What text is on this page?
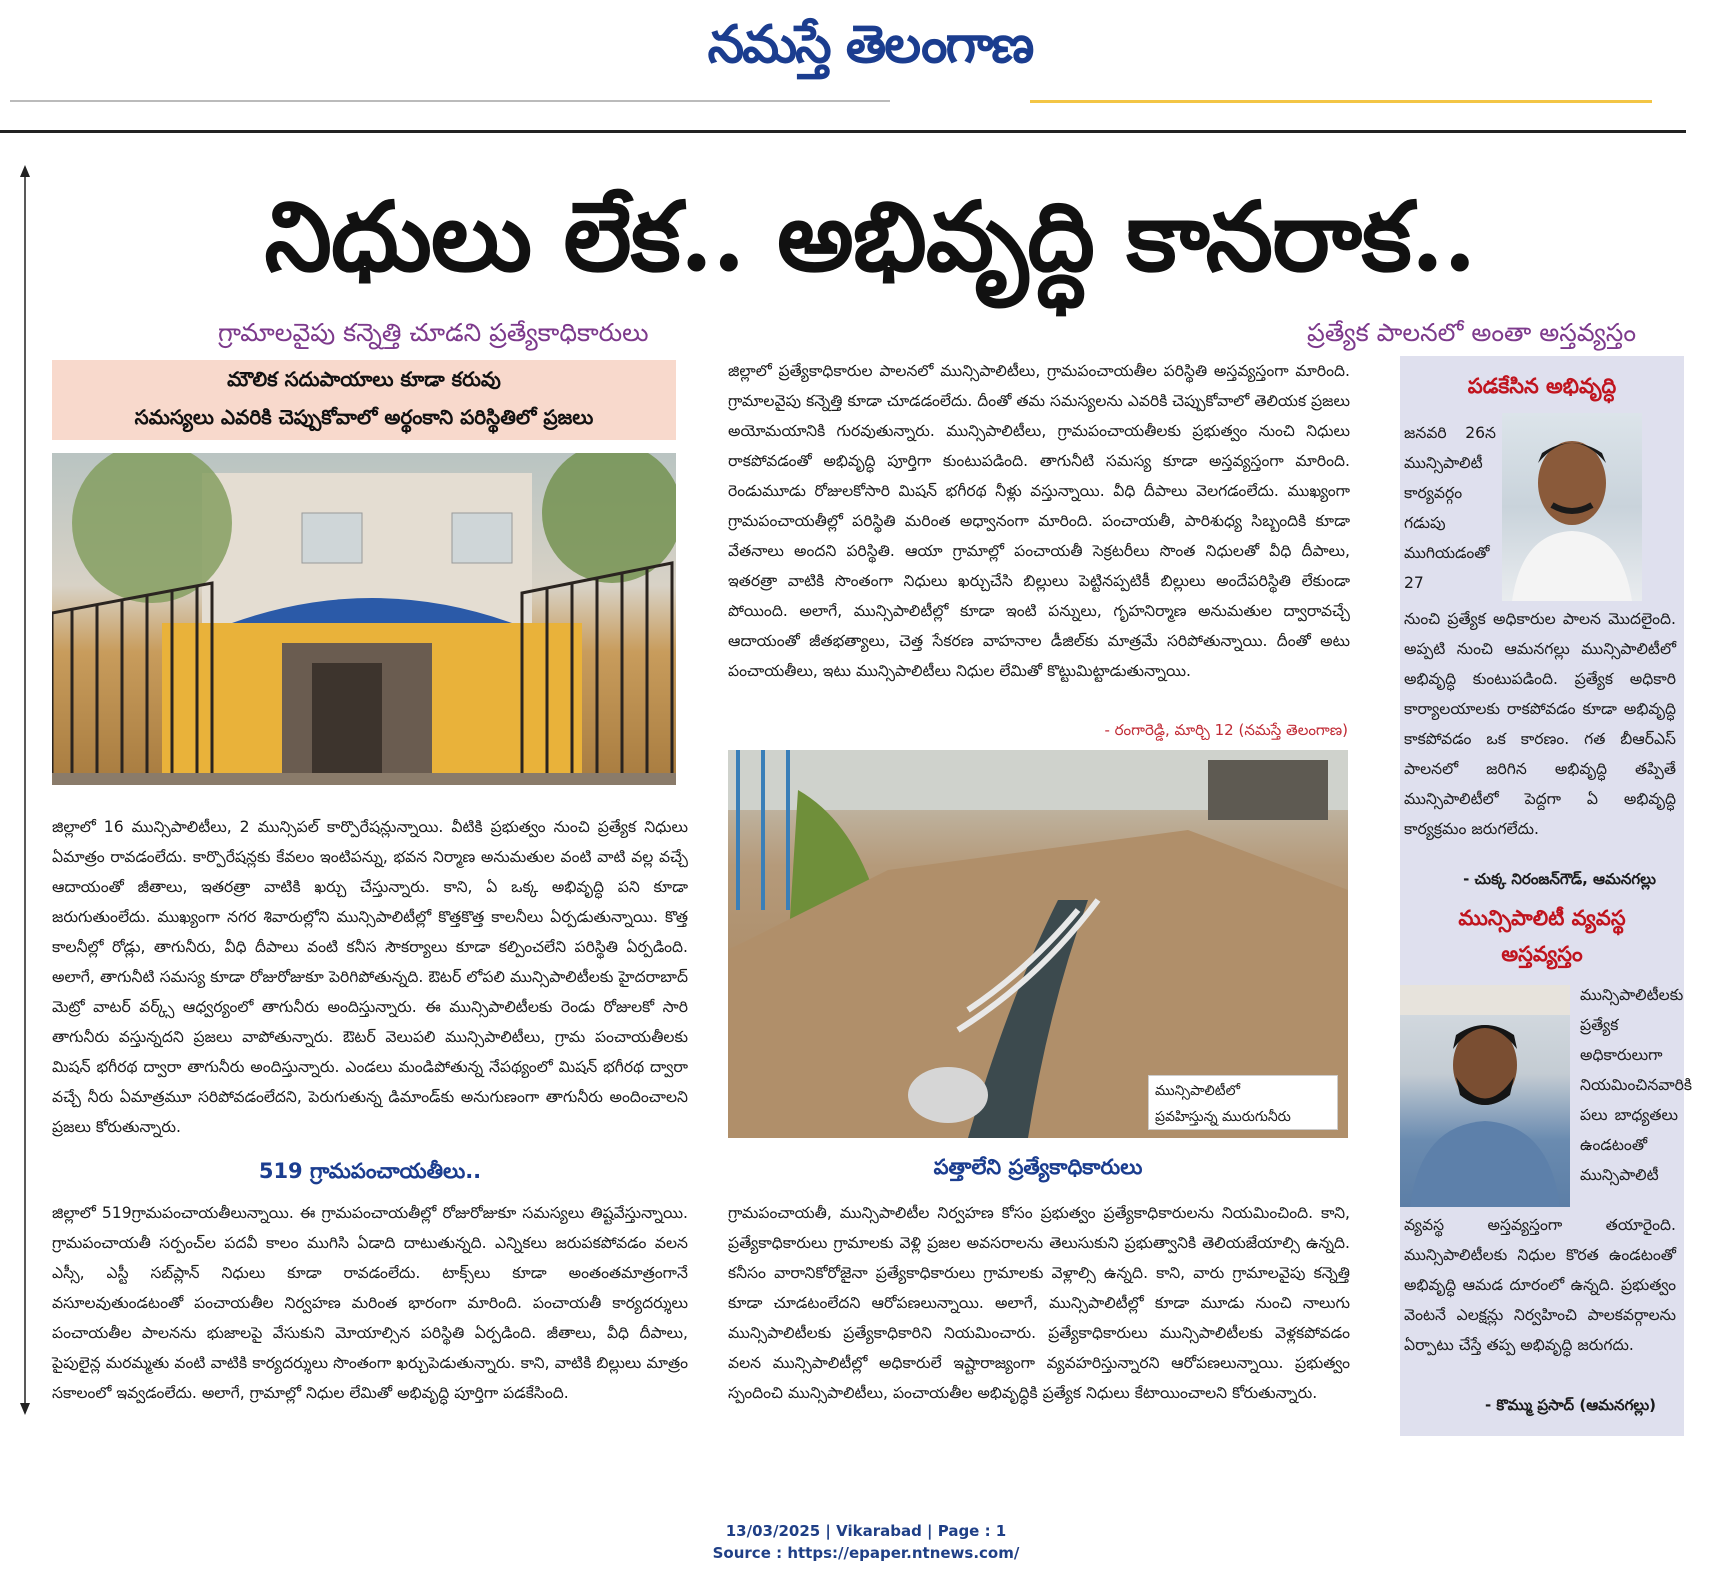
నమస్తే తెలంగాణ
నిధులు లేక.. అభివృద్ధి కానరాక..
గ్రామాలవైపు కన్నెత్తి చూడని ప్రత్యేకాధికారులు	ప్రత్యేక పాలనలో అంతా అస్తవ్యస్తం
మౌలిక సదుపాయాలు కూడా కరువు
సమస్యలు ఎవరికి చెప్పుకోవాలో అర్థంకాని పరిస్థితిలో ప్రజలు
జిల్లాలో 16 మున్సిపాలిటీలు, 2 మున్సిపల్ కార్పొరేషన్లున్నాయి. వీటికి ప్రభుత్వం నుంచి ప్రత్యేక నిధులు ఏమాత్రం రావడంలేదు. కార్పొరేషన్లకు కేవలం ఇంటిపన్ను, భవన నిర్మాణ అనుమతుల వంటి వాటి వల్ల వచ్చే ఆదాయంతో జీతాలు, ఇతరత్రా వాటికి ఖర్చు చేస్తున్నారు. కాని, ఏ ఒక్క అభివృద్ధి పని కూడా జరుగుతుంలేదు. ముఖ్యంగా నగర శివారుల్లోని మున్సిపాలిటీల్లో కొత్తకొత్త కాలనీలు ఏర్పడుతున్నాయి. కొత్త కాలనీల్లో రోడ్లు, తాగునీరు, వీధి దీపాలు వంటి కనీస సౌకర్యాలు కూడా కల్పించలేని పరిస్థితి ఏర్పడింది. అలాగే, తాగునీటి సమస్య కూడా రోజురోజుకూ పెరిగిపోతున్నది. ఔటర్ లోపలి మున్సిపాలిటీలకు హైదరాబాద్ మెట్రో వాటర్ వర్క్స్ ఆధ్వర్యంలో తాగునీరు అందిస్తున్నారు. ఈ మున్సిపాలిటీలకు రెండు రోజులకో సారి తాగునీరు వస్తున్నదని ప్రజలు వాపోతున్నారు. ఔటర్ వెలుపలి మున్సిపాలిటీలు, గ్రామ పంచాయతీలకు మిషన్ భగీరథ ద్వారా తాగునీరు అందిస్తున్నారు. ఎండలు మండిపోతున్న నేపథ్యంలో మిషన్ భగీరథ ద్వారా వచ్చే నీరు ఏమాత్రమూ సరిపోవడంలేదని, పెరుగుతున్న డిమాండ్‌కు అనుగుణంగా తాగునీరు అందించాలని ప్రజలు కోరుతున్నారు.
519 గ్రామపంచాయతీలు..
జిల్లాలో 519గ్రామపంచాయతీలున్నాయి. ఈ గ్రామపంచాయతీల్లో రోజురోజుకూ సమస్యలు తిష్టవేస్తున్నాయి. గ్రామపంచాయతీ సర్పంచ్‌ల పదవీ కాలం ముగిసి ఏడాది దాటుతున్నది. ఎన్నికలు జరుపకపోవడం వలన ఎస్సీ, ఎస్టీ సబ్‌ప్లాన్ నిధులు కూడా రావడంలేదు. టాక్స్‌లు కూడా అంతంతమాత్రంగానే వసూలవుతుండటంతో పంచాయతీల నిర్వహణ మరింత భారంగా మారింది. పంచాయతీ కార్యదర్శులు పంచాయతీల పాలనను భుజాలపై వేసుకుని మోయాల్సిన పరిస్థితి ఏర్పడింది. జీతాలు, వీధి దీపాలు, పైపులైన్ల మరమ్మతు వంటి వాటికి కార్యదర్శులు సొంతంగా ఖర్చుపెడుతున్నారు. కాని, వాటికి బిల్లులు మాత్రం సకాలంలో ఇవ్వడంలేదు. అలాగే, గ్రామాల్లో నిధుల లేమితో అభివృద్ధి పూర్తిగా పడకేసింది.
జిల్లాలో ప్రత్యేకాధికారుల పాలనలో మున్సిపాలిటీలు, గ్రామపంచాయతీల పరిస్థితి అస్తవ్యస్తంగా మారింది. గ్రామాలవైపు కన్నెత్తి కూడా చూడడంలేదు. దీంతో తమ సమస్యలను ఎవరికి చెప్పుకోవాలో తెలియక ప్రజలు అయోమయానికి గురవుతున్నారు. మున్సిపాలిటీలు, గ్రామపంచాయతీలకు ప్రభుత్వం నుంచి నిధులు రాకపోవడంతో అభివృద్ధి పూర్తిగా కుంటుపడింది. తాగునీటి సమస్య కూడా అస్తవ్యస్తంగా మారింది. రెండుమూడు రోజులకోసారి మిషన్ భగీరథ నీళ్లు వస్తున్నాయి. వీధి దీపాలు వెలగడంలేదు. ముఖ్యంగా గ్రామపంచాయతీల్లో పరిస్థితి మరింత అధ్వానంగా మారింది. పంచాయతీ, పారిశుధ్య సిబ్బందికి కూడా వేతనాలు అందని పరిస్థితి. ఆయా గ్రామాల్లో పంచాయతీ సెక్రటరీలు సొంత నిధులతో వీధి దీపాలు, ఇతరత్రా వాటికి సొంతంగా నిధులు ఖర్చుచేసి బిల్లులు పెట్టినప్పటికీ బిల్లులు అందేపరిస్థితి లేకుండా పోయింది. అలాగే, మున్సిపాలిటీల్లో కూడా ఇంటి పన్నులు, గృహనిర్మాణ అనుమతుల ద్వారావచ్చే ఆదాయంతో జీతభత్యాలు, చెత్త సేకరణ వాహనాల డీజిల్‌కు మాత్రమే సరిపోతున్నాయి. దీంతో అటు పంచాయతీలు, ఇటు మున్సిపాలిటీలు నిధుల లేమితో కొట్టుమిట్టాడుతున్నాయి.
- రంగారెడ్డి, మార్చి 12 (నమస్తే తెలంగాణ)
మున్సిపాలిటీలో
ప్రవహిస్తున్న మురుగునీరు
పత్తాలేని ప్రత్యేకాధికారులు
గ్రామపంచాయతీ, మున్సిపాలిటీల నిర్వహణ కోసం ప్రభుత్వం ప్రత్యేకాధికారులను నియమించింది. కాని, ప్రత్యేకాధికారులు గ్రామాలకు వెళ్లి ప్రజల అవసరాలను తెలుసుకుని ప్రభుత్వానికి తెలియజేయాల్సి ఉన్నది. కనీసం వారానికోరోజైనా ప్రత్యేకాధికారులు గ్రామాలకు వెళ్లాల్సి ఉన్నది. కాని, వారు గ్రామాలవైపు కన్నెత్తి కూడా చూడటంలేదని ఆరోపణలున్నాయి. అలాగే, మున్సిపాలిటీల్లో కూడా మూడు నుంచి నాలుగు మున్సిపాలిటీలకు ప్రత్యేకాధికారిని నియమించారు. ప్రత్యేకాధికారులు మున్సిపాలిటీలకు వెళ్లకపోవడం వలన మున్సిపాలిటీల్లో అధికారులే ఇష్టారాజ్యంగా వ్యవహరిస్తున్నారని ఆరోపణలున్నాయి. ప్రభుత్వం స్పందించి మున్సిపాలిటీలు, పంచాయతీల అభివృద్ధికి ప్రత్యేక నిధులు కేటాయించాలని కోరుతున్నారు.
పడకేసిన అభివృద్ధి
జనవరి 26న మున్సిపాలిటీ కార్యవర్గం గడుపు ముగియడంతో 27
నుంచి ప్రత్యేక అధికారుల పాలన మొదలైంది. అప్పటి నుంచి ఆమనగల్లు మున్సిపాలిటీలో అభివృద్ధి కుంటుపడింది. ప్రత్యేక అధికారి కార్యాలయాలకు రాకపోవడం కూడా అభివృద్ధి కాకపోవడం ఒక కారణం. గత బీఆర్ఎస్ పాలనలో జరిగిన అభివృద్ధి తప్పితే మున్సిపాలిటీలో పెద్దగా ఏ అభివృద్ధి కార్యక్రమం జరుగలేదు.
- చుక్క నిరంజన్‌గౌడ్, ఆమనగల్లు
మున్సిపాలిటీ వ్యవస్థ
అస్తవ్యస్తం
మున్సిపాలిటీలకు ప్రత్యేక అధికారులుగా నియమించినవారికి పలు బాధ్యతలు ఉండటంతో మున్సిపాలిటీ
వ్యవస్థ అస్తవ్యస్తంగా తయారైంది. మున్సిపాలిటీలకు నిధుల కొరత ఉండటంతో అభివృద్ధి ఆమడ దూరంలో ఉన్నది. ప్రభుత్వం వెంటనే ఎలక్షన్లు నిర్వహించి పాలకవర్గాలను ఏర్పాటు చేస్తే తప్ప అభివృద్ధి జరుగదు.
- కొమ్ము ప్రసాద్ (ఆమనగల్లు)
13/03/2025 | Vikarabad | Page : 1
Source : https://epaper.ntnews.com/
